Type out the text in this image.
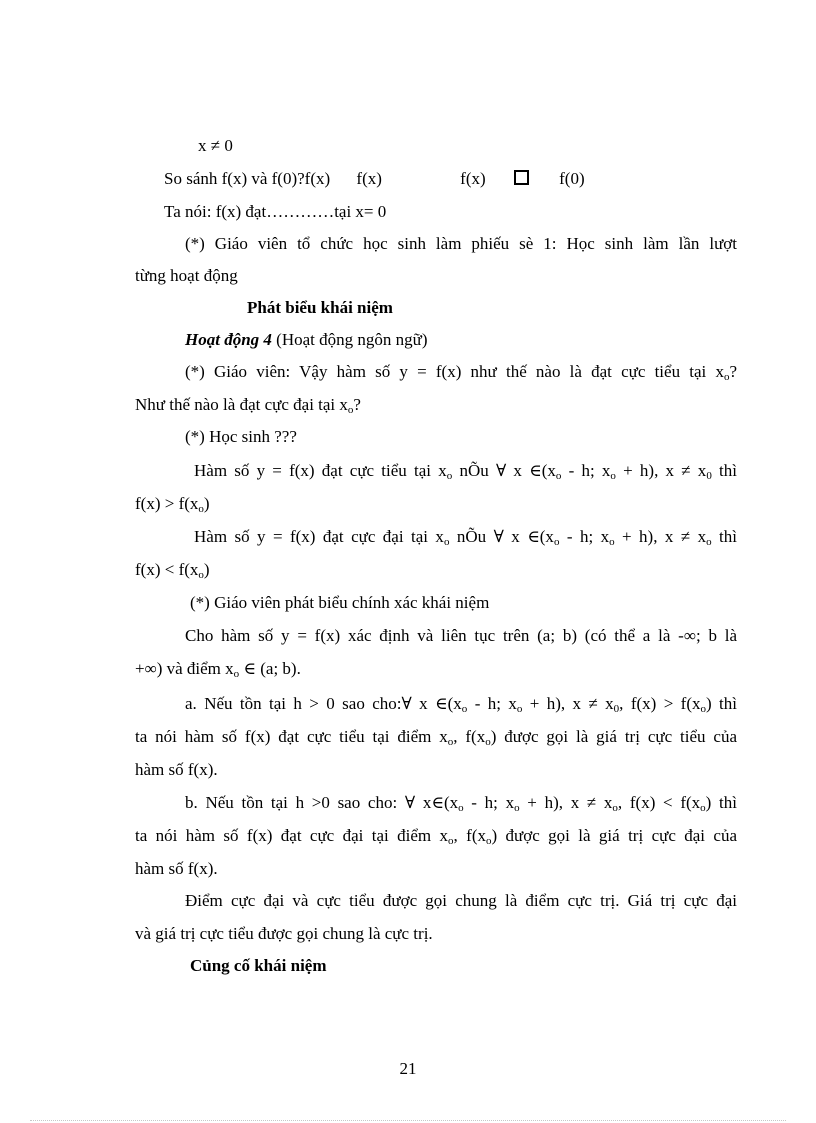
x ≠ 0
So sánh f(x) và f(0)?f(x) f(x)	f(x)	f(0)
Ta nói: f(x) đạt…………tại x= 0
(*) Giáo viên tổ chức học sinh làm phiếu sè 1: Học sinh làm lần lượt
từng hoạt động
Phát biểu khái niệm
Hoạt động 4 (Hoạt động ngôn ngữ)
(*) Giáo viên: Vậy hàm số y = f(x) như thế nào là đạt cực tiểu tại $x_o$?
Như thế nào là đạt cực đại tại $x_o$?
(*) Học sinh ???
Hàm số y = f(x) đạt cực tiểu tại $x_o$ nÕu ∀ x $\in(x_o$ - h; $x_o + h$), $x \ne x_0$ thì
$f(x) > f(x_o)$
Hàm số y = f(x) đạt cực đại tại $x_o$ nÕu ∀ x $\in(x_o$ - h; $x_o + h$), $x \ne x_o$ thì
$f(x) < f(x_o)$
(*) Giáo viên phát biểu chính xác khái niệm
Cho hàm số y = f(x) xác định và liên tục trên (a; b) (có thể a là -∞; b là
+∞) và điểm $x_o$ ∈ (a; b).
a. Nếu tồn tại h > 0 sao cho:∀ x $\in(x_o$ - h; $x_o + h$), $x \ne x_0$, $f(x) > f(x_o)$ thì
ta nói hàm số f(x) đạt cực tiểu tại điểm $x_o$, $f(x_o)$ được gọi là giá trị cực tiểu của
hàm số f(x).
b. Nếu tồn tại h >0 sao cho: ∀ $x\in(x_o$ - h; $x_o + h$), $x \ne x_o$, $f(x) < f(x_o)$ thì
ta nói hàm số f(x) đạt cực đại tại điểm $x_o$, $f(x_o)$ được gọi là giá trị cực đại của
hàm số f(x).
Điểm cực đại và cực tiểu được gọi chung là điểm cực trị. Giá trị cực đại
và giá trị cực tiểu được gọi chung là cực trị.
Củng cố khái niệm
21
